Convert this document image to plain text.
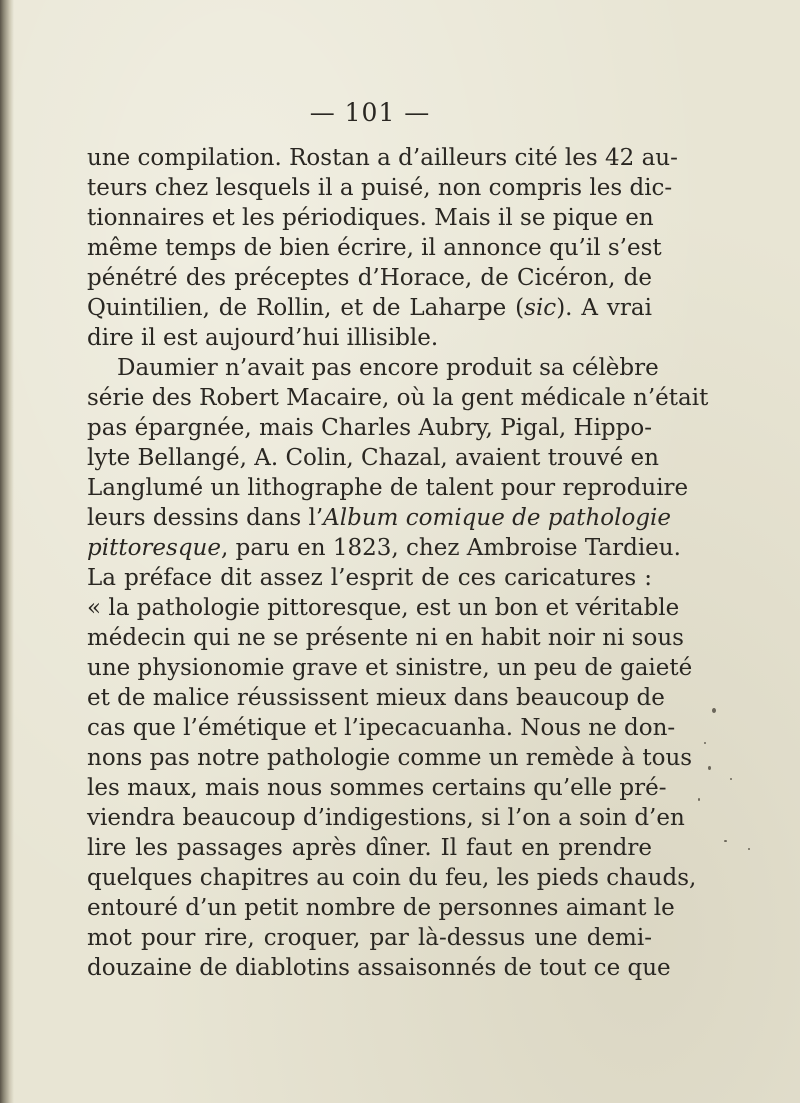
— 101 —
une compilation. Rostan a d’ailleurs cité les 42 au-
teurs chez lesquels il a puisé, non compris les dic-
tionnaires et les périodiques. Mais il se pique en
même temps de bien écrire, il annonce qu’il s’est
pénétré des préceptes d’Horace, de Cicéron, de
Quintilien, de Rollin, et de Laharpe (sic). A vrai
dire il est aujourd’hui illisible.
Daumier n’avait pas encore produit sa célèbre
série des Robert Macaire, où la gent médicale n’était
pas épargnée, mais Charles Aubry, Pigal, Hippo-
lyte Bellangé, A. Colin, Chazal, avaient trouvé en
Langlumé un lithographe de talent pour reproduire
leurs dessins dans l’Album comique de pathologie
pittoresque, paru en 1823, chez Ambroise Tardieu.
La préface dit assez l’esprit de ces caricatures :
« la pathologie pittoresque, est un bon et véritable
médecin qui ne se présente ni en habit noir ni sous
une physionomie grave et sinistre, un peu de gaieté
et de malice réussissent mieux dans beaucoup de
cas que l’émétique et l’ipecacuanha. Nous ne don-
nons pas notre pathologie comme un remède à tous
les maux, mais nous sommes certains qu’elle pré-
viendra beaucoup d’indigestions, si l’on a soin d’en
lire les passages après dîner. Il faut en prendre
quelques chapitres au coin du feu, les pieds chauds,
entouré d’un petit nombre de personnes aimant le
mot pour rire, croquer, par là-dessus une demi-
douzaine de diablotins assaisonnés de tout ce que
